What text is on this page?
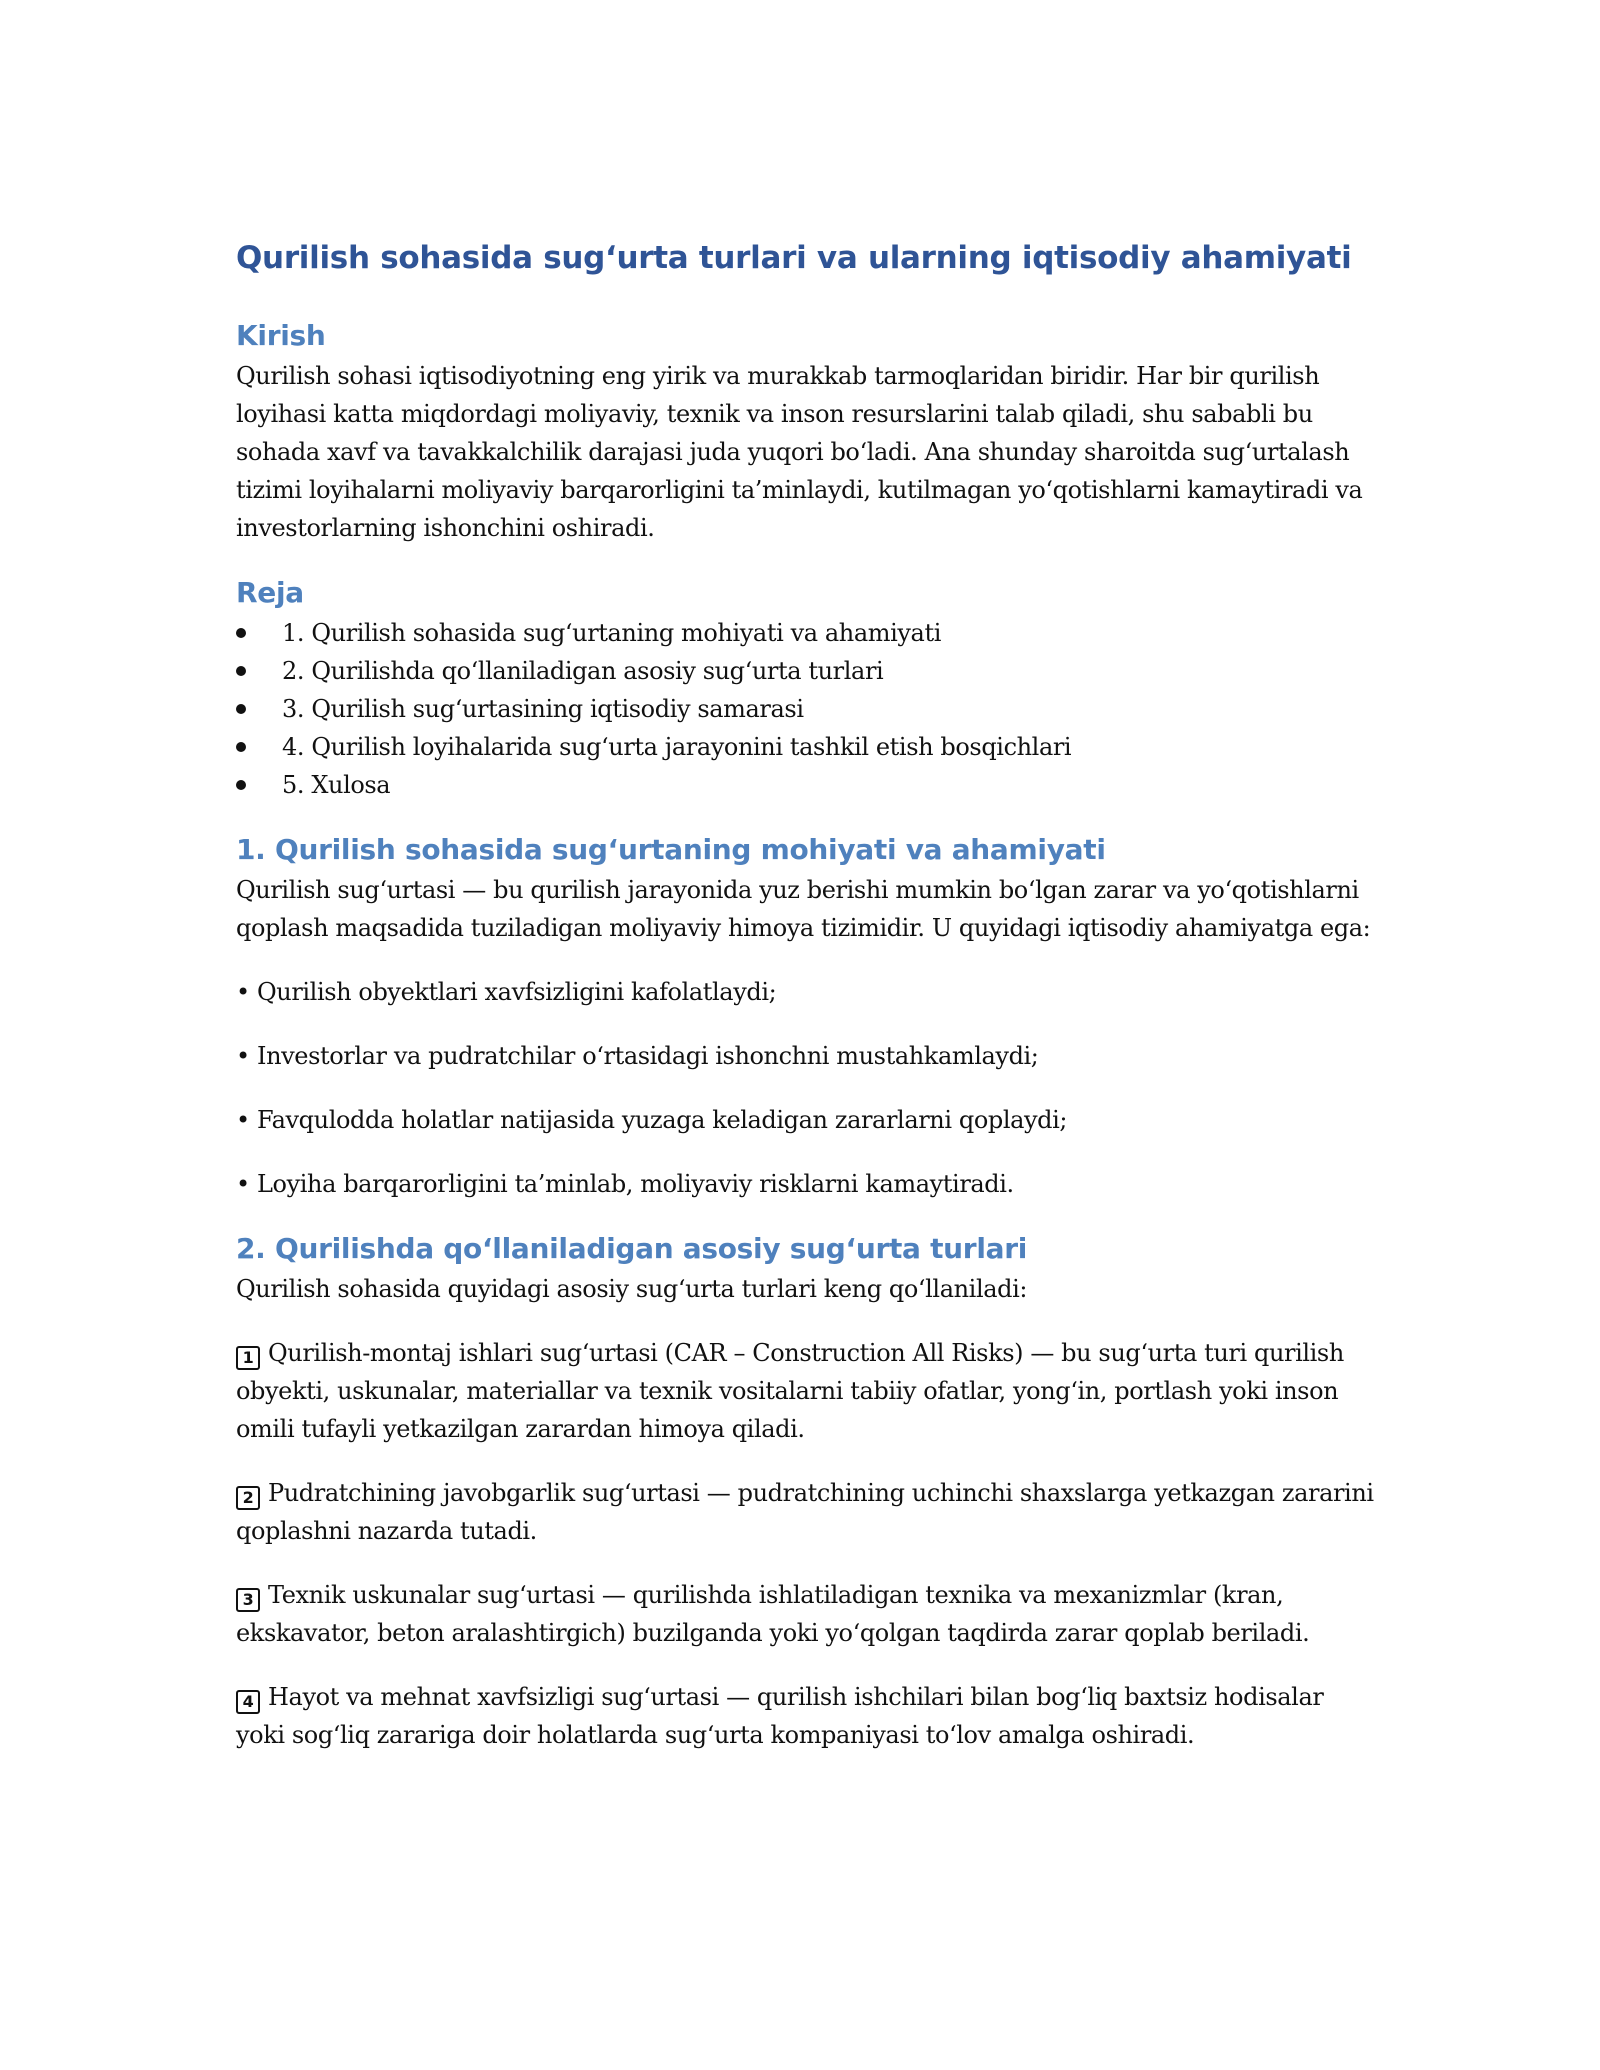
Qurilish sohasida sug‘urta turlari va ularning iqtisodiy ahamiyati
Kirish

Qurilish sohasi iqtisodiyotning eng yirik va murakkab tarmoqlaridan biridir. Har bir qurilish loyihasi katta miqdordagi moliyaviy, texnik va inson resurslarini talab qiladi, shu sababli bu sohada xavf va tavakkalchilik darajasi juda yuqori bo‘ladi. Ana shunday sharoitda sug‘urtalash tizimi loyihalarni moliyaviy barqarorligini ta’minlaydi, kutilmagan yo‘qotishlarni kamaytiradi va investorlarning ishonchini oshiradi.

Reja
1. Qurilish sohasida sug‘urtaning mohiyati va ahamiyati
2. Qurilishda qo‘llaniladigan asosiy sug‘urta turlari
3. Qurilish sug‘urtasining iqtisodiy samarasi
4. Qurilish loyihalarida sug‘urta jarayonini tashkil etish bosqichlari
5. Xulosa
1. Qurilish sohasida sug‘urtaning mohiyati va ahamiyati

Qurilish sug‘urtasi — bu qurilish jarayonida yuz berishi mumkin bo‘lgan zarar va yo‘qotishlarni qoplash maqsadida tuziladigan moliyaviy himoya tizimidir. U quyidagi iqtisodiy ahamiyatga ega:

• Qurilish obyektlari xavfsizligini kafolatlaydi;

• Investorlar va pudratchilar o‘rtasidagi ishonchni mustahkamlaydi;

• Favqulodda holatlar natijasida yuzaga keladigan zararlarni qoplaydi;

• Loyiha barqarorligini ta’minlab, moliyaviy risklarni kamaytiradi.

2. Qurilishda qo‘llaniladigan asosiy sug‘urta turlari

Qurilish sohasida quyidagi asosiy sug‘urta turlari keng qo‘llaniladi:

1 Qurilish-montaj ishlari sug‘urtasi (CAR – Construction All Risks) — bu sug‘urta turi qurilish obyekti, uskunalar, materiallar va texnik vositalarni tabiiy ofatlar, yong‘in, portlash yoki inson omili tufayli yetkazilgan zarardan himoya qiladi.

2 Pudratchining javobgarlik sug‘urtasi — pudratchining uchinchi shaxslarga yetkazgan zararini qoplashni nazarda tutadi.

3 Texnik uskunalar sug‘urtasi — qurilishda ishlatiladigan texnika va mexanizmlar (kran, ekskavator, beton aralashtirgich) buzilganda yoki yo‘qolgan taqdirda zarar qoplab beriladi.

4 Hayot va mehnat xavfsizligi sug‘urtasi — qurilish ishchilari bilan bog‘liq baxtsiz hodisalar yoki sog‘liq zarariga doir holatlarda sug‘urta kompaniyasi to‘lov amalga oshiradi.
